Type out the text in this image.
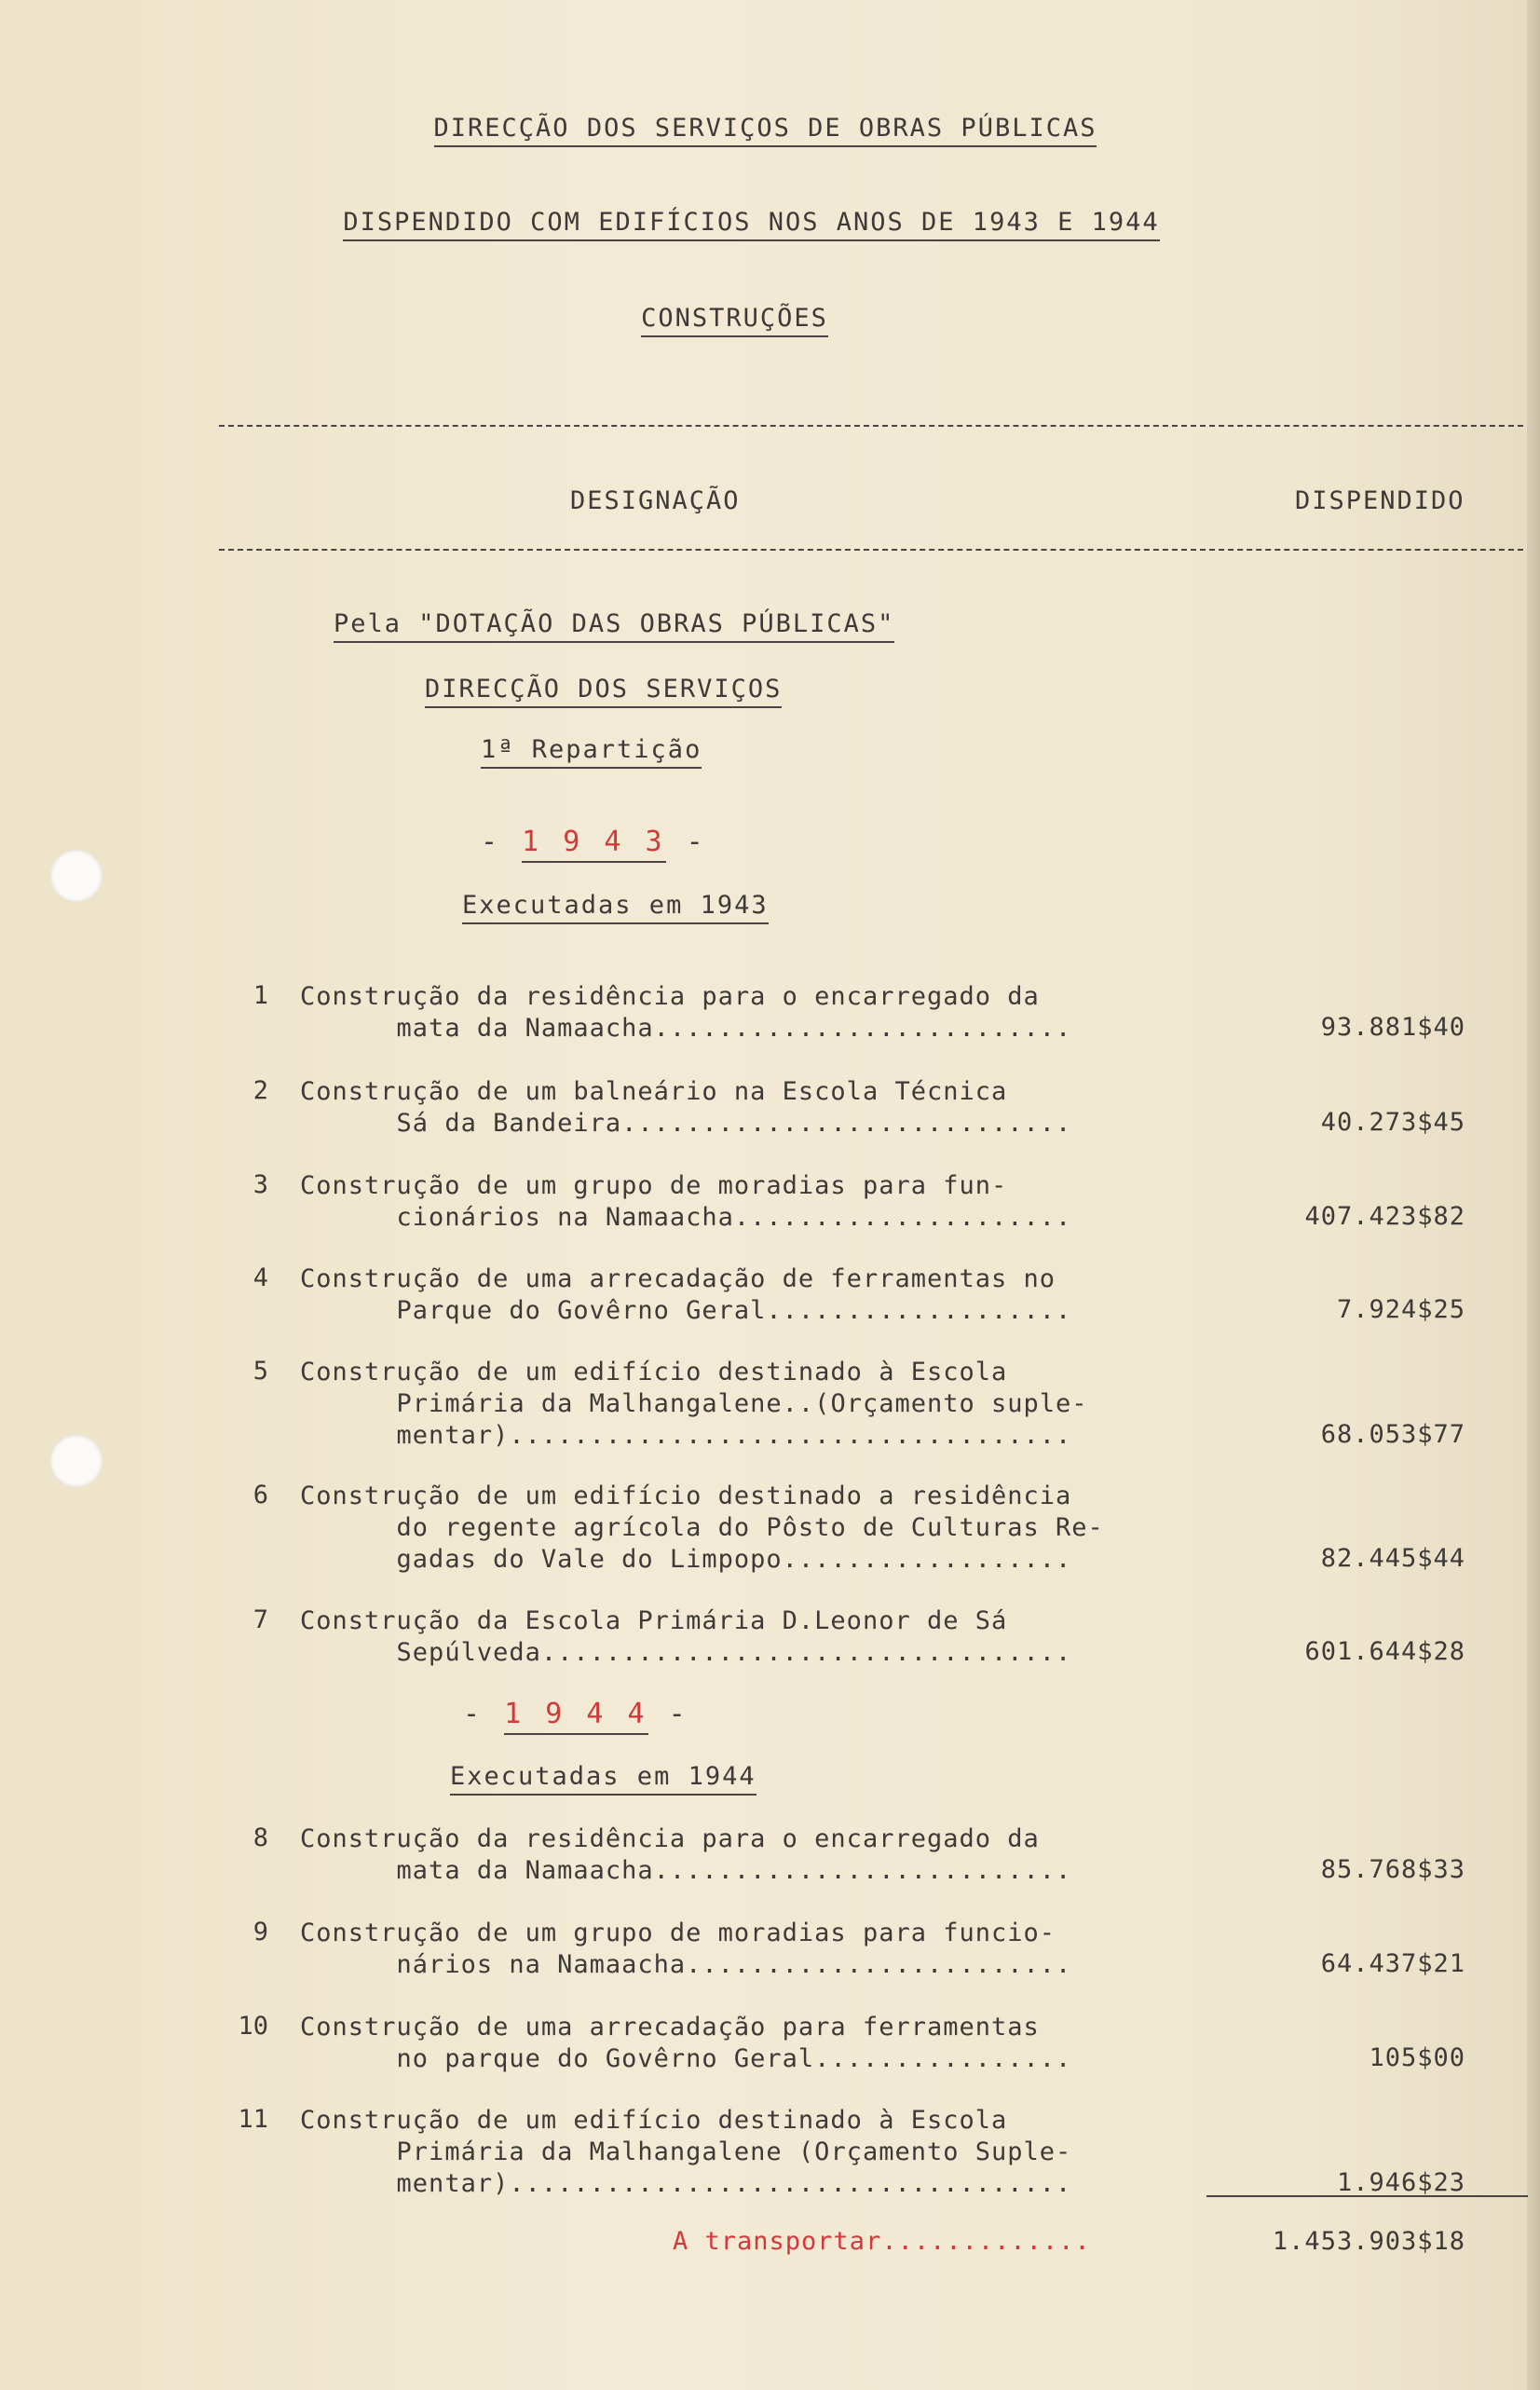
DIRECÇÃO DOS SERVIÇOS DE OBRAS PÚBLICAS
DISPENDIDO COM EDIFÍCIOS NOS ANOS DE 1943 E 1944
CONSTRUÇÕES
DESIGNAÇÃO	DISPENDIDO
Pela "DOTAÇÃO DAS OBRAS PÚBLICAS"
DIRECÇÃO DOS SERVIÇOS
1ª Repartição
- 1 9 4 3 -
Executadas em 1943
1 Construção da residência para o encarregado da
mata da Namaacha..........................	93.881$40
2 Construção de um balneário na Escola Técnica
Sá da Bandeira............................	40.273$45
3 Construção de um grupo de moradias para fun-
cionários na Namaacha.....................	407.423$82
4 Construção de uma arrecadação de ferramentas no
Parque do Govêrno Geral...................	7.924$25
5 Construção de um edifício destinado à Escola
Primária da Malhangalene..(Orçamento suple-
mentar)...................................	68.053$77
6 Construção de um edifício destinado a residência
do regente agrícola do Pôsto de Culturas Re-
gadas do Vale do Limpopo..................	82.445$44
7 Construção da Escola Primária D.Leonor de Sá
Sepúlveda.................................	601.644$28
- 1 9 4 4 -
Executadas em 1944
8 Construção da residência para o encarregado da
mata da Namaacha..........................	85.768$33
9 Construção de um grupo de moradias para funcio-
nários na Namaacha........................	64.437$21
10 Construção de uma arrecadação para ferramentas
no parque do Govêrno Geral................	105$00
11 Construção de um edifício destinado à Escola
Primária da Malhangalene (Orçamento Suple-
mentar)...................................	1.946$23
A transportar.............	1.453.903$18
